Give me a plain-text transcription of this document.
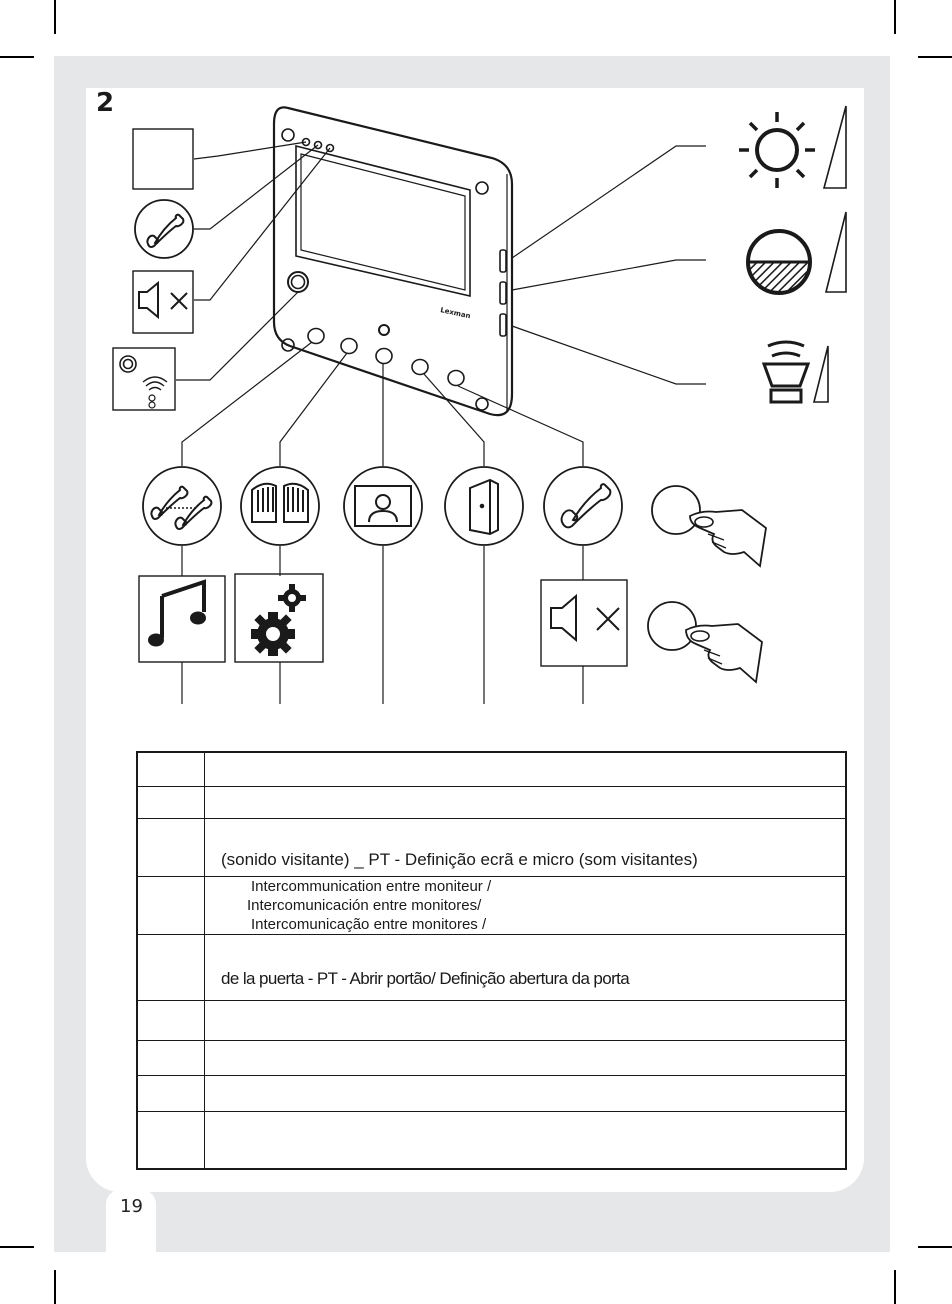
2
19
Lexman

	(sonido visitante) _ PT - Definição ecrã e micro (som visitantes)

	Intercommunication entre moniteur /
Intercomunicación entre monitores/
Intercomunicação entre monitores /

	de la puerta - PT - Abrir portão/ Definição abertura da porta
